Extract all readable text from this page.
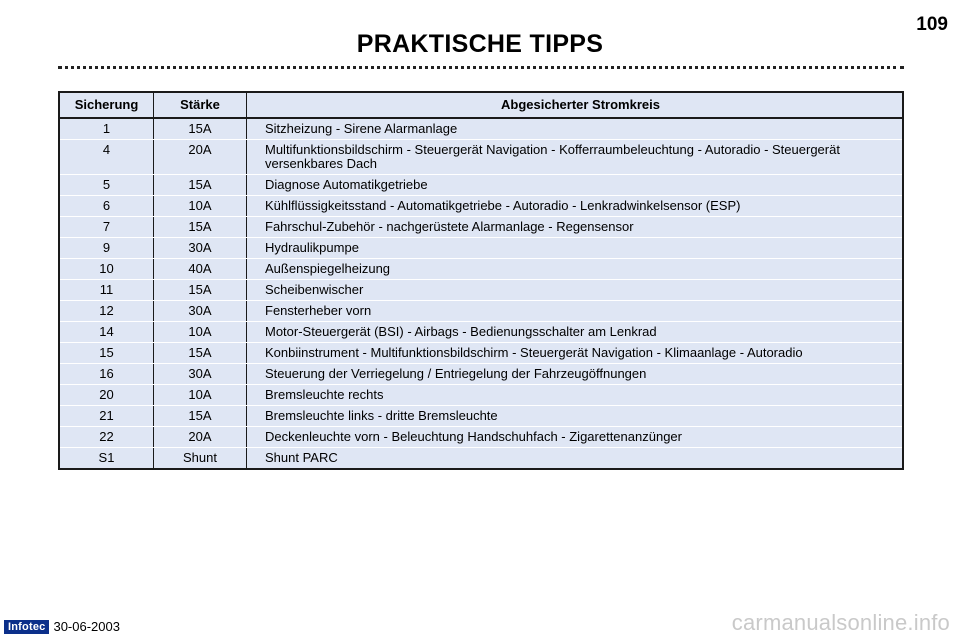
109
PRAKTISCHE TIPPS
Sicherung	Stärke	Abgesicherter Stromkreis
1	15A	Sitzheizung - Sirene Alarmanlage
4	20A	Multifunktionsbildschirm - Steuergerät Navigation - Kofferraumbeleuchtung - Autoradio - Steuergerät versenkbares Dach
5	15A	Diagnose Automatikgetriebe
6	10A	Kühlflüssigkeitsstand - Automatikgetriebe - Autoradio - Lenkradwinkelsensor (ESP)
7	15A	Fahrschul-Zubehör - nachgerüstete Alarmanlage - Regensensor
9	30A	Hydraulikpumpe
10	40A	Außenspiegelheizung
11	15A	Scheibenwischer
12	30A	Fensterheber vorn
14	10A	Motor-Steuergerät (BSI) - Airbags - Bedienungsschalter am Lenkrad
15	15A	Konbiinstrument - Multifunktionsbildschirm - Steuergerät Navigation - Klimaanlage - Autoradio
16	30A	Steuerung der Verriegelung / Entriegelung der Fahrzeugöffnungen
20	10A	Bremsleuchte rechts
21	15A	Bremsleuchte links - dritte Bremsleuchte
22	20A	Deckenleuchte vorn - Beleuchtung Handschuhfach - Zigarettenanzünger
S1	Shunt	Shunt PARC
Infotec 30-06-2003	carmanualsonline.info
